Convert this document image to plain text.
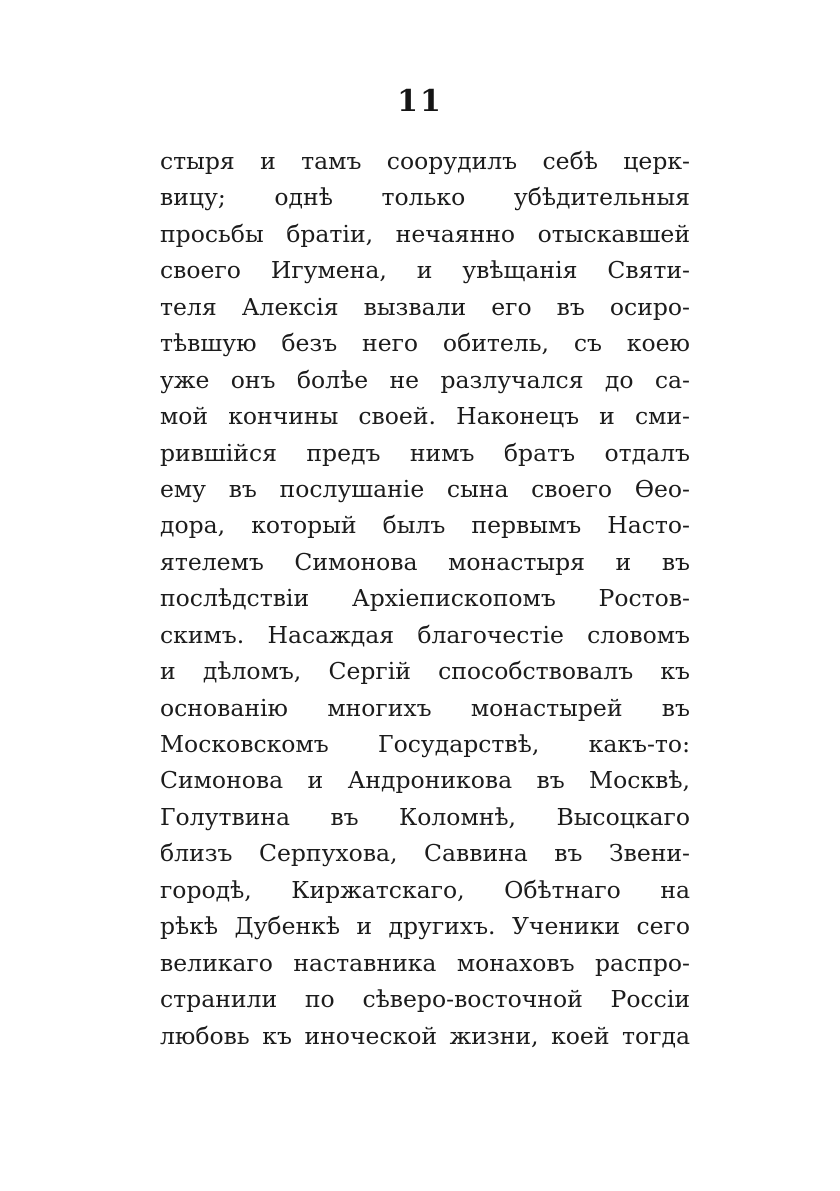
11
стыря и тамъ соорудилъ себѣ церк-
вицу; однѣ только убѣдительныя
просьбы братіи, нечаянно отыскавшей
своего Игумена, и увѣщанія Святи-
теля Алексія вызвали его въ осиро-
тѣвшую безъ него обитель, съ коею
уже онъ болѣе не разлучался до са-
мой кончины своей. Наконецъ и сми-
рившійся предъ нимъ братъ отдалъ
ему въ послушаніе сына своего Ѳео-
дора, который былъ первымъ Насто-
ятелемъ Симонова монастыря и въ
послѣдствіи Архіепископомъ Ростов-
скимъ. Насаждая благочестіе словомъ
и дѣломъ, Сергій способствовалъ къ
основанію многихъ монастырей въ
Московскомъ Государствѣ, какъ-то:
Симонова и Андроникова въ Москвѣ,
Голутвина въ Коломнѣ, Высоцкаго
близъ Серпухова, Саввина въ Звени-
городѣ, Киржатскаго, Обѣтнаго на
рѣкѣ Дубенкѣ и другихъ. Ученики сего
великаго наставника монаховъ распро-
странили по сѣверо-восточной Россіи
любовь къ иноческой жизни, коей тогда
